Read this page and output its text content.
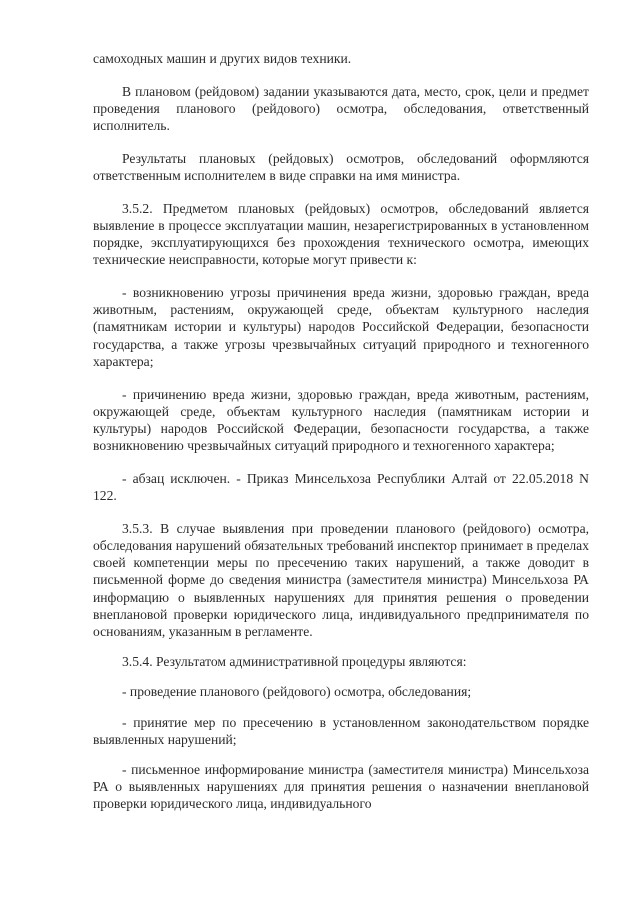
самоходных машин и других видов техники.

В плановом (рейдовом) задании указываются дата, место, срок, цели и предмет проведения планового (рейдового) осмотра, обследования, ответственный исполнитель.

Результаты плановых (рейдовых) осмотров, обследований оформляются ответственным исполнителем в виде справки на имя министра.

3.5.2. Предметом плановых (рейдовых) осмотров, обследований является выявление в процессе эксплуатации машин, незарегистрированных в установленном порядке, эксплуатирующихся без прохождения технического осмотра, имеющих технические неисправности, которые могут привести к:

- возникновению угрозы причинения вреда жизни, здоровью граждан, вреда животным, растениям, окружающей среде, объектам культурного наследия (памятникам истории и культуры) народов Российской Федерации, безопасности государства, а также угрозы чрезвычайных ситуаций природного и техногенного характера;

- причинению вреда жизни, здоровью граждан, вреда животным, растениям, окружающей среде, объектам культурного наследия (памятникам истории и культуры) народов Российской Федерации, безопасности государства, а также возникновению чрезвычайных ситуаций природного и техногенного характера;

- абзац исключен. - Приказ Минсельхоза Республики Алтай от 22.05.2018 N 122.

3.5.3. В случае выявления при проведении планового (рейдового) осмотра, обследования нарушений обязательных требований инспектор принимает в пределах своей компетенции меры по пресечению таких нарушений, а также доводит в письменной форме до сведения министра (заместителя министра) Минсельхоза РА информацию о выявленных нарушениях для принятия решения о проведении внеплановой проверки юридического лица, индивидуального предпринимателя по основаниям, указанным в регламенте.

3.5.4. Результатом административной процедуры являются:

- проведение планового (рейдового) осмотра, обследования;

- принятие мер по пресечению в установленном законодательством порядке выявленных нарушений;

- письменное информирование министра (заместителя министра) Минсельхоза РА о выявленных нарушениях для принятия решения о назначении внеплановой проверки юридического лица, индивидуального
